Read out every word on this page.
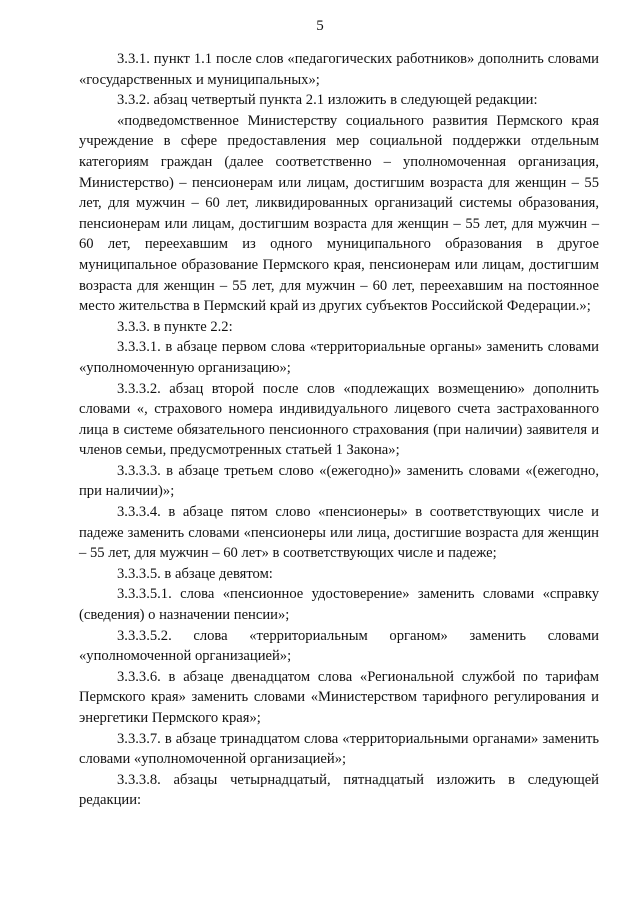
5

3.3.1. пункт 1.1 после слов «педагогических работников» дополнить словами «государственных и муниципальных»;

3.3.2. абзац четвертый пункта 2.1 изложить в следующей редакции:

«подведомственное Министерству социального развития Пермского края учреждение в сфере предоставления мер социальной поддержки отдельным категориям граждан (далее соответственно – уполномоченная организация, Министерство) – пенсионерам или лицам, достигшим возраста для женщин – 55 лет, для мужчин – 60 лет, ликвидированных организаций системы образования, пенсионерам или лицам, достигшим возраста для женщин – 55 лет, для мужчин – 60 лет, переехавшим из одного муниципального образования в другое муниципальное образование Пермского края, пенсионерам или лицам, достигшим возраста для женщин – 55 лет, для мужчин – 60 лет, переехавшим на постоянное место жительства в Пермский край из других субъектов Российской Федерации.»;

3.3.3. в пункте 2.2:

3.3.3.1. в абзаце первом слова «территориальные органы» заменить словами «уполномоченную организацию»;

3.3.3.2. абзац второй после слов «подлежащих возмещению» дополнить словами «, страхового номера индивидуального лицевого счета застрахованного лица в системе обязательного пенсионного страхования (при наличии) заявителя и членов семьи, предусмотренных статьей 1 Закона»;

3.3.3.3. в абзаце третьем слово «(ежегодно)» заменить словами «(ежегодно, при наличии)»;

3.3.3.4. в абзаце пятом слово «пенсионеры» в соответствующих числе и падеже заменить словами «пенсионеры или лица, достигшие возраста для женщин – 55 лет, для мужчин – 60 лет» в соответствующих числе и падеже;

3.3.3.5. в абзаце девятом:

3.3.3.5.1. слова «пенсионное удостоверение» заменить словами «справку (сведения) о назначении пенсии»;

3.3.3.5.2. слова «территориальным органом» заменить словами «уполномоченной организацией»;

3.3.3.6. в абзаце двенадцатом слова «Региональной службой по тарифам Пермского края» заменить словами «Министерством тарифного регулирования и энергетики Пермского края»;

3.3.3.7. в абзаце тринадцатом слова «территориальными органами» заменить словами «уполномоченной организацией»;

3.3.3.8. абзацы четырнадцатый, пятнадцатый изложить в следующей редакции:
